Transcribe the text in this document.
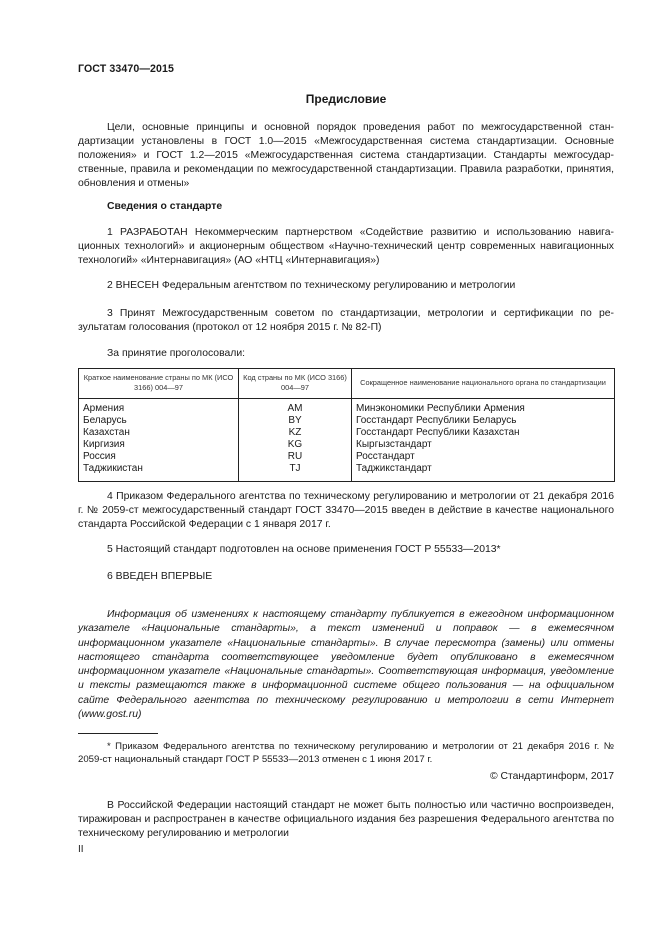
ГОСТ 33470—2015
Предисловие
Цели, основные принципы и основной порядок проведения работ по межгосударственной стандартизации установлены в ГОСТ 1.0—2015 «Межгосударственная система стандартизации. Основные положения» и ГОСТ 1.2—2015 «Межгосударственная система стандартизации. Стандарты межгосударственные, правила и рекомендации по межгосударственной стандартизации. Правила разработки, принятия, обновления и отмены»
Сведения о стандарте
1 РАЗРАБОТАН Некоммерческим партнерством «Содействие развитию и использованию навигационных технологий» и акционерным обществом «Научно-технический центр современных навигационных технологий» «Интернавигация» (АО «НТЦ «Интернавигация»)
2 ВНЕСЕН Федеральным агентством по техническому регулированию и метрологии
3 Принят Межгосударственным советом по стандартизации, метрологии и сертификации по результатам голосования (протокол от 12 ноября 2015 г. № 82-П)
За принятие проголосовали:
Краткое наименование страны по МК (ИСО 3166) 004—97	Код страны по МК (ИСО 3166) 004—97	Сокращенное наименование национального органа по стандартизации
Армения	AM	Минэкономики Республики Армения
Беларусь	BY	Госстандарт Республики Беларусь
Казахстан	KZ	Госстандарт Республики Казахстан
Киргизия	KG	Кыргызстандарт
Россия	RU	Росстандарт
Таджикистан	TJ	Таджикстандарт
4 Приказом Федерального агентства по техническому регулированию и метрологии от 21 декабря 2016 г. № 2059-ст межгосударственный стандарт ГОСТ 33470—2015 введен в действие в качестве национального стандарта Российской Федерации с 1 января 2017 г.
5 Настоящий стандарт подготовлен на основе применения ГОСТ Р 55533—2013*
6 ВВЕДЕН ВПЕРВЫЕ
Информация об изменениях к настоящему стандарту публикуется в ежегодном информационном указателе «Национальные стандарты», а текст изменений и поправок — в ежемесячном информационном указателе «Национальные стандарты». В случае пересмотра (замены) или отмены настоящего стандарта соответствующее уведомление будет опубликовано в ежемесячном информационном указателе «Национальные стандарты». Соответствующая информация, уведомление и тексты размещаются также в информационной системе общего пользования — на официальном сайте Федерального агентства по техническому регулированию и метрологии в сети Интернет (www.gost.ru)
* Приказом Федерального агентства по техническому регулированию и метрологии от 21 декабря 2016 г. № 2059-ст национальный стандарт ГОСТ Р 55533—2013 отменен с 1 июня 2017 г.
© Стандартинформ, 2017
В Российской Федерации настоящий стандарт не может быть полностью или частично воспроизведен, тиражирован и распространен в качестве официального издания без разрешения Федерального агентства по техническому регулированию и метрологии
II
